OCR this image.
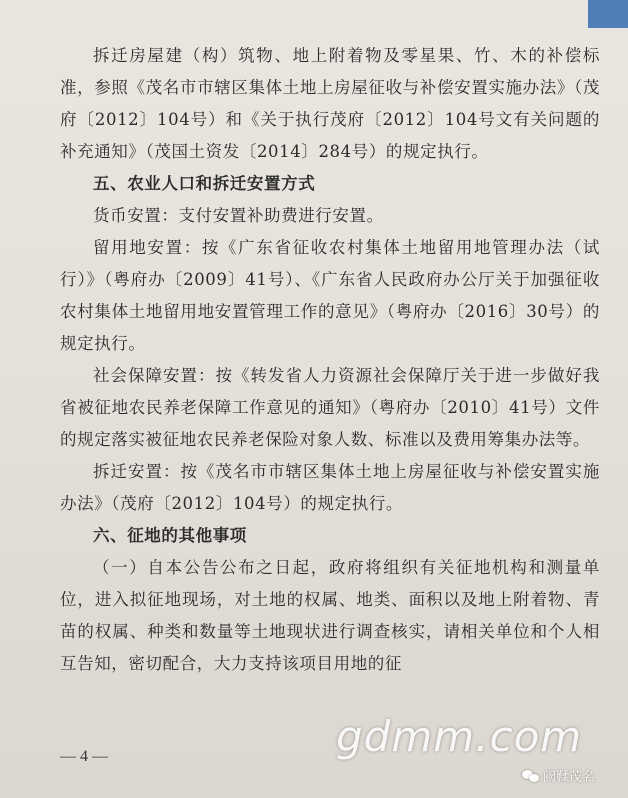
拆迁房屋建（构）筑物、地上附着物及零星果、竹、木的补偿标准，参照《茂名市市辖区集体土地上房屋征收与补偿安置实施办法》（茂府〔2012〕104号）和《关于执行茂府〔2012〕104号文有关问题的补充通知》（茂国土资发〔2014〕284号）的规定执行。

五、农业人口和拆迁安置方式

货币安置：支付安置补助费进行安置。

留用地安置：按《广东省征收农村集体土地留用地管理办法（试行）》（粤府办〔2009〕41号）、《广东省人民政府办公厅关于加强征收农村集体土地留用地安置管理工作的意见》（粤府办〔2016〕30号）的规定执行。

社会保障安置：按《转发省人力资源社会保障厅关于进一步做好我省被征地农民养老保障工作意见的通知》（粤府办〔2010〕41号）文件的规定落实被征地农民养老保险对象人数、标准以及费用筹集办法等。

拆迁安置：按《茂名市市辖区集体土地上房屋征收与补偿安置实施办法》（茂府〔2012〕104号）的规定执行。

六、征地的其他事项

（一）自本公告公布之日起，政府将组织有关征地机构和测量单位，进入拟征地现场，对土地的权属、地类、面积以及地上附着物、青苗的权属、种类和数量等土地现状进行调查核实，请相关单位和个人相互告知，密切配合，大力支持该项目用地的征

— 4 —	gdmm.com
阙鞣茂名
